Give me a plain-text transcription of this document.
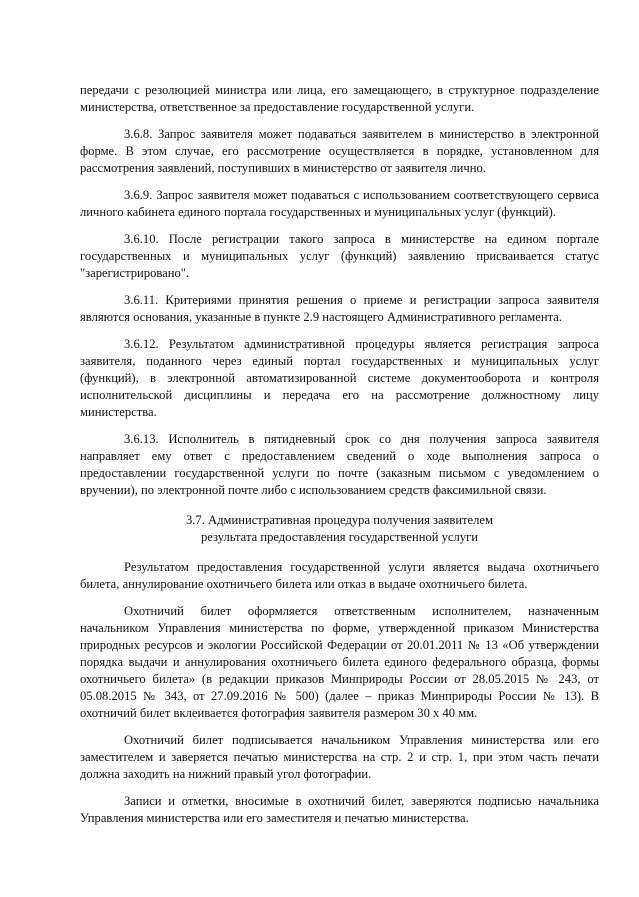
передачи с резолюцией министра или лица, его замещающего, в структурное подразделение министерства, ответственное за предоставление государственной услуги.

3.6.8. Запрос заявителя может подаваться заявителем в министерство в электронной форме. В этом случае, его рассмотрение осуществляется в порядке, установленном для рассмотрения заявлений, поступивших в министерство от заявителя лично.

3.6.9. Запрос заявителя может подаваться с использованием соответствующего сервиса личного кабинета единого портала государственных и муниципальных услуг (функций).

3.6.10. После регистрации такого запроса в министерстве на едином портале государственных и муниципальных услуг (функций) заявлению присваивается статус "зарегистрировано".

3.6.11. Критериями принятия решения о приеме и регистрации запроса заявителя являются основания, указанные в пункте 2.9 настоящего Административного регламента.

3.6.12. Результатом административной процедуры является регистрация запроса заявителя, поданного через единый портал государственных и муниципальных услуг (функций), в электронной автоматизированной системе документооборота и контроля исполнительской дисциплины и передача его на рассмотрение должностному лицу министерства.

3.6.13. Исполнитель в пятидневный срок со дня получения запроса заявителя направляет ему ответ с предоставлением сведений о ходе выполнения запроса о предоставлении государственной услуги по почте (заказным письмом с уведомлением о вручении), по электронной почте либо с использованием средств факсимильной связи.

3.7. Административная процедура получения заявителем
результата предоставления государственной услуги

Результатом предоставления государственной услуги является выдача охотничьего билета, аннулирование охотничьего билета или отказ в выдаче охотничьего билета.

Охотничий билет оформляется ответственным исполнителем, назначенным начальником Управления министерства по форме, утвержденной приказом Министерства природных ресурсов и экологии Российской Федерации от 20.01.2011 № 13 «Об утверждении порядка выдачи и аннулирования охотничьего билета единого федерального образца, формы охотничьего билета» (в редакции приказов Минприроды России от 28.05.2015 № 243, от 05.08.2015 № 343, от 27.09.2016 № 500) (далее – приказ Минприроды России № 13). В охотничий билет вклеивается фотография заявителя размером 30 х 40 мм.

Охотничий билет подписывается начальником Управления министерства или его заместителем и заверяется печатью министерства на стр. 2 и стр. 1, при этом часть печати должна заходить на нижний правый угол фотографии.

Записи и отметки, вносимые в охотничий билет, заверяются подписью начальника Управления министерства или его заместителя и печатью министерства.
